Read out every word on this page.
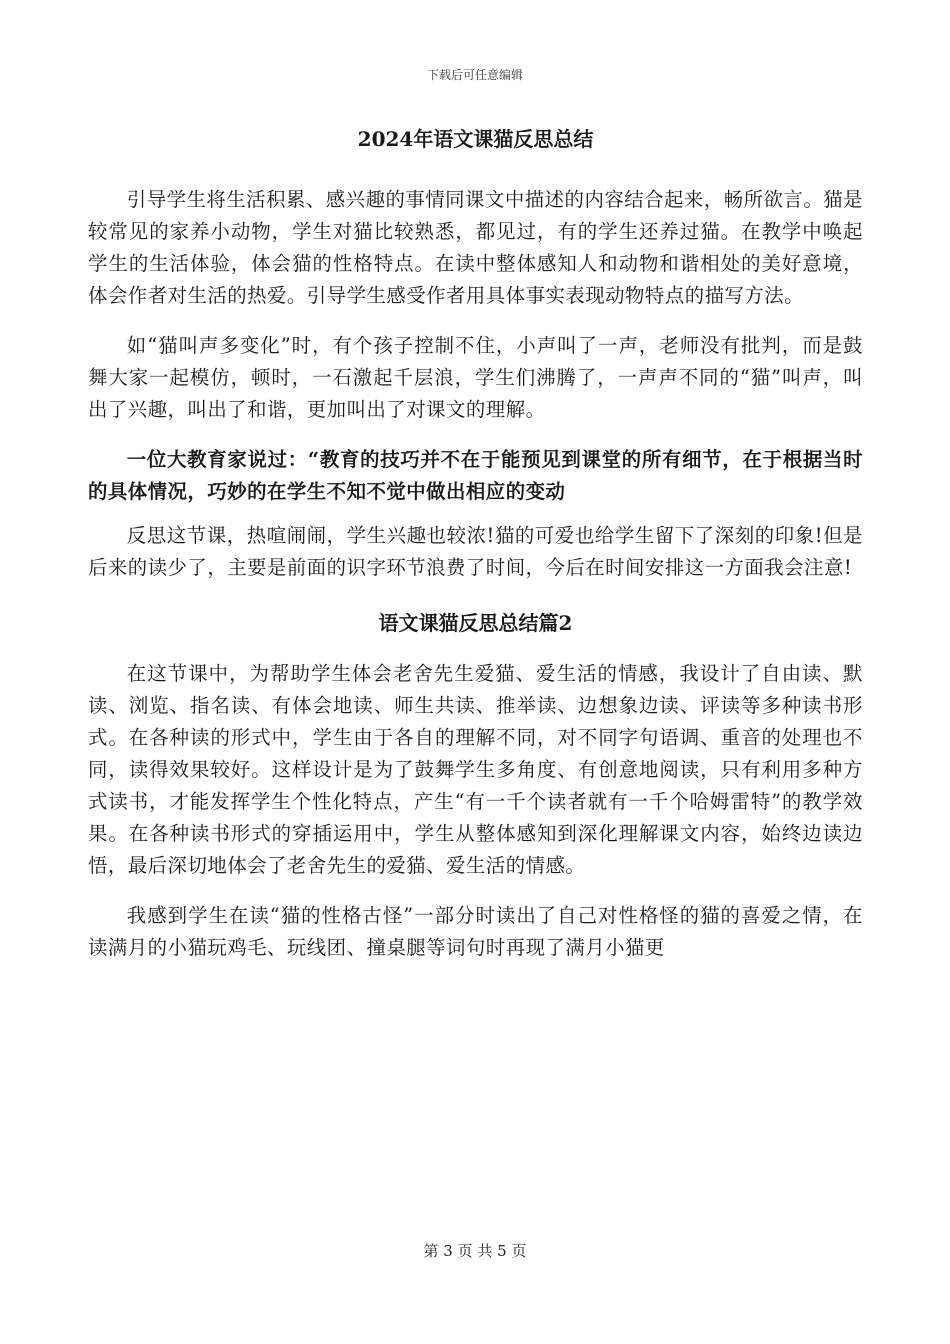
下载后可任意编辑
2024年语文课猫反思总结

引导学生将生活积累、感兴趣的事情同课文中描述的内容结合起来，畅所欲言。猫是较常见的家养小动物，学生对猫比较熟悉，都见过，有的学生还养过猫。在教学中唤起学生的生活体验，体会猫的性格特点。在读中整体感知人和动物和谐相处的美好意境，体会作者对生活的热爱。引导学生感受作者用具体事实表现动物特点的描写方法。

如“猫叫声多变化”时，有个孩子控制不住，小声叫了一声，老师没有批判，而是鼓舞大家一起模仿，顿时，一石激起千层浪，学生们沸腾了，一声声不同的“猫”叫声，叫出了兴趣，叫出了和谐，更加叫出了对课文的理解。

一位大教育家说过：“教育的技巧并不在于能预见到课堂的所有细节，在于根据当时的具体情况，巧妙的在学生不知不觉中做出相应的变动

反思这节课，热喧闹闹，学生兴趣也较浓!猫的可爱也给学生留下了深刻的印象!但是后来的读少了，主要是前面的识字环节浪费了时间，今后在时间安排这一方面我会注意!

语文课猫反思总结篇2

在这节课中，为帮助学生体会老舍先生爱猫、爱生活的情感，我设计了自由读、默读、浏览、指名读、有体会地读、师生共读、推举读、边想象边读、评读等多种读书形式。在各种读的形式中，学生由于各自的理解不同，对不同字句语调、重音的处理也不同，读得效果较好。这样设计是为了鼓舞学生多角度、有创意地阅读，只有利用多种方式读书，才能发挥学生个性化特点，产生“有一千个读者就有一千个哈姆雷特”的教学效果。在各种读书形式的穿插运用中，学生从整体感知到深化理解课文内容，始终边读边悟，最后深切地体会了老舍先生的爱猫、爱生活的情感。

我感到学生在读“猫的性格古怪”一部分时读出了自己对性格怪的猫的喜爱之情，在读满月的小猫玩鸡毛、玩线团、撞桌腿等词句时再现了满月小猫更

第 3 页 共 5 页
